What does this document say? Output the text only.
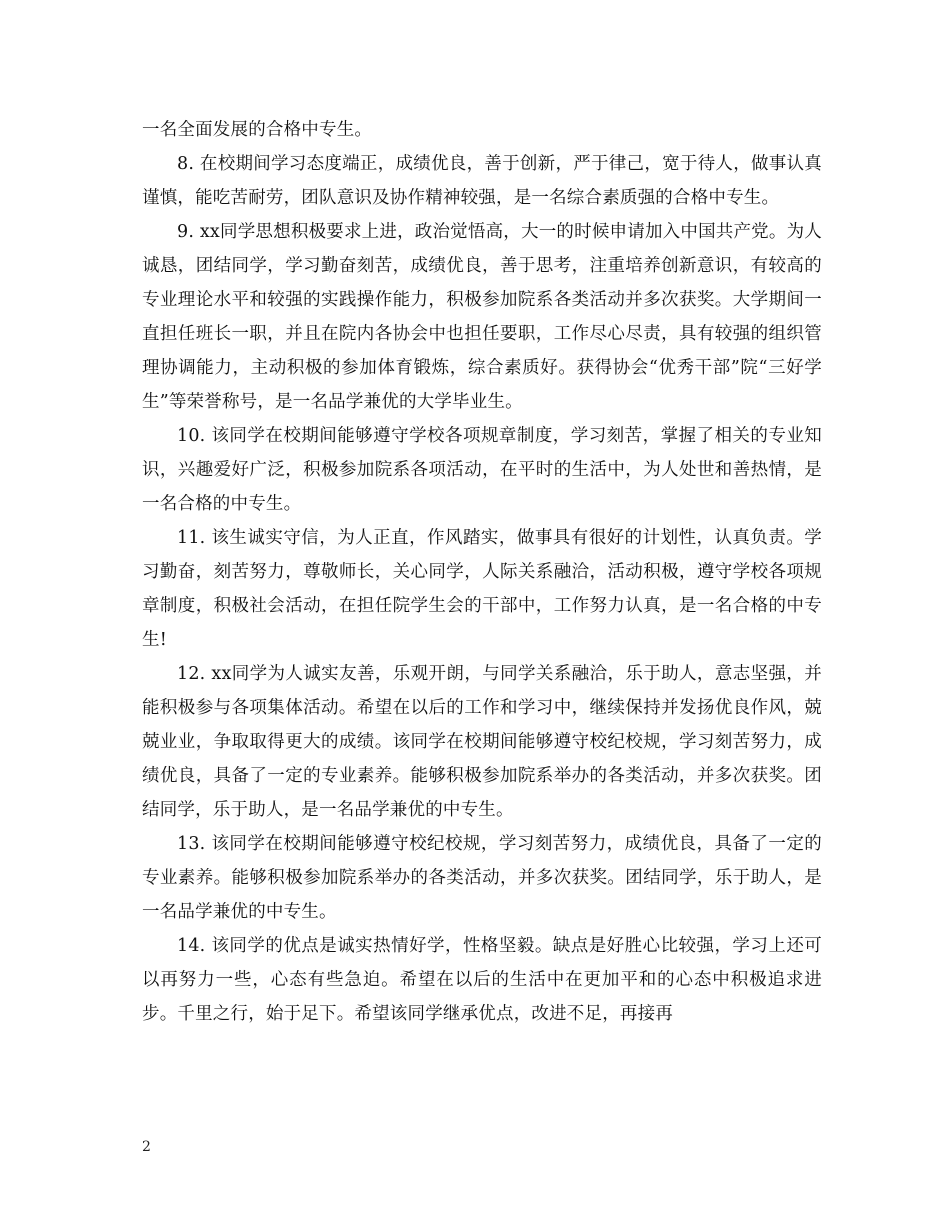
一名全面发展的合格中专生。

8. 在校期间学习态度端正，成绩优良，善于创新，严于律己，宽于待人，做事认真谨慎，能吃苦耐劳，团队意识及协作精神较强，是一名综合素质强的合格中专生。

9. xx同学思想积极要求上进，政治觉悟高，大一的时候申请加入中国共产党。为人诚恳，团结同学，学习勤奋刻苦，成绩优良，善于思考，注重培养创新意识，有较高的专业理论水平和较强的实践操作能力，积极参加院系各类活动并多次获奖。大学期间一直担任班长一职，并且在院内各协会中也担任要职，工作尽心尽责，具有较强的组织管理协调能力，主动积极的参加体育锻炼，综合素质好。获得协会“优秀干部”院“三好学生”等荣誉称号，是一名品学兼优的大学毕业生。

10. 该同学在校期间能够遵守学校各项规章制度，学习刻苦，掌握了相关的专业知识，兴趣爱好广泛，积极参加院系各项活动，在平时的生活中，为人处世和善热情，是一名合格的中专生。

11. 该生诚实守信，为人正直，作风踏实，做事具有很好的计划性，认真负责。学习勤奋，刻苦努力，尊敬师长，关心同学，人际关系融洽，活动积极，遵守学校各项规章制度，积极社会活动，在担任院学生会的干部中，工作努力认真，是一名合格的中专生!

12. xx同学为人诚实友善，乐观开朗，与同学关系融洽，乐于助人，意志坚强，并能积极参与各项集体活动。希望在以后的工作和学习中，继续保持并发扬优良作风，兢兢业业，争取取得更大的成绩。该同学在校期间能够遵守校纪校规，学习刻苦努力，成绩优良，具备了一定的专业素养。能够积极参加院系举办的各类活动，并多次获奖。团结同学，乐于助人，是一名品学兼优的中专生。

13. 该同学在校期间能够遵守校纪校规，学习刻苦努力，成绩优良，具备了一定的专业素养。能够积极参加院系举办的各类活动，并多次获奖。团结同学，乐于助人，是一名品学兼优的中专生。

14. 该同学的优点是诚实热情好学，性格坚毅。缺点是好胜心比较强，学习上还可以再努力一些，心态有些急迫。希望在以后的生活中在更加平和的心态中积极追求进步。千里之行，始于足下。希望该同学继承优点，改进不足，再接再

2
